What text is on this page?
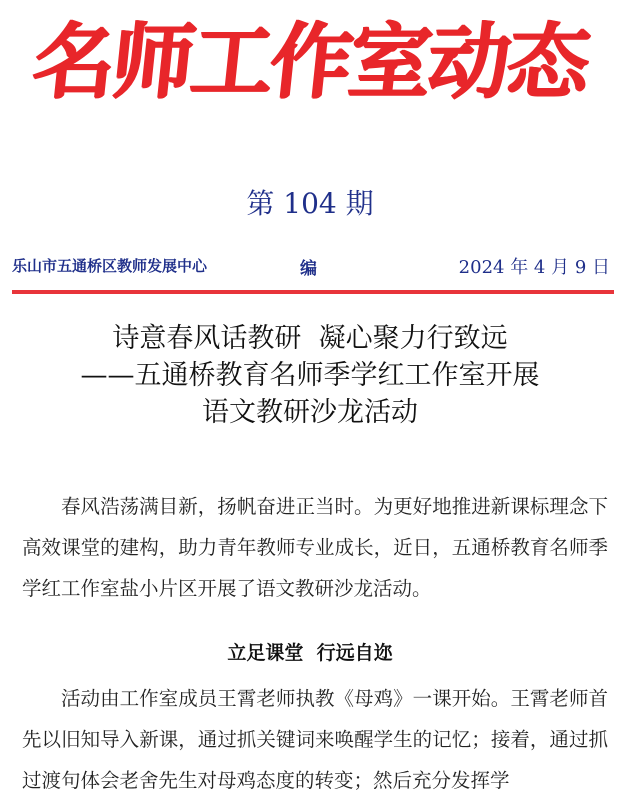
名师工作室动态
第 104 期
乐山市五通桥区教师发展中心	编	2024 年 4 月 9 日
诗意春风话教研  凝心聚力行致远
——五通桥教育名师季学红工作室开展
语文教研沙龙活动
春风浩荡满目新，扬帆奋进正当时。为更好地推进新课标理念下高效课堂的建构，助力青年教师专业成长，近日，五通桥教育名师季学红工作室盐小片区开展了语文教研沙龙活动。
立足课堂  行远自迩
活动由工作室成员王霄老师执教《母鸡》一课开始。王霄老师首先以旧知导入新课，通过抓关键词来唤醒学生的记忆；接着，通过抓过渡句体会老舍先生对母鸡态度的转变；然后充分发挥学
